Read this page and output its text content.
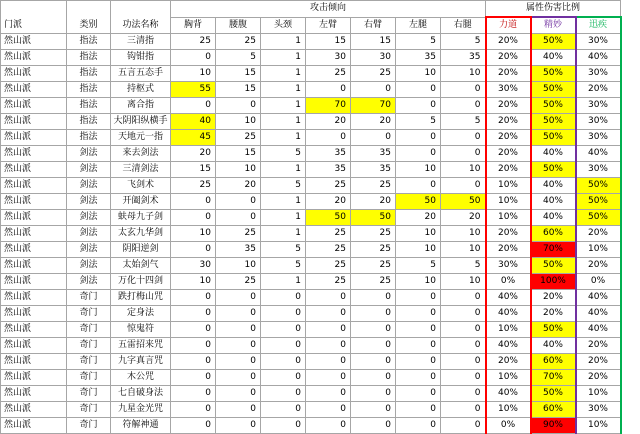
门派	类别	功法名称	攻击倾向							属性伤害比例		
			胸背	腰腹	头颈	左臂	右臂	左腿	右腿	力道	精妙	迅疾
然山派	指法	三清指	25	25	1	15	15	5	5	20%	50%	30%
然山派	指法	钩钳指	0	5	1	30	30	35	35	20%	40%	40%
然山派	指法	五言五态手	10	15	1	25	25	10	10	20%	50%	30%
然山派	指法	持枢式	55	15	1	0	0	0	0	30%	50%	20%
然山派	指法	离合指	0	0	1	70	70	0	0	20%	50%	30%
然山派	指法	大阴阳纵横手	40	10	1	20	20	5	5	20%	50%	30%
然山派	指法	天地元一指	45	25	1	0	0	0	0	20%	50%	30%
然山派	剑法	来去剑法	20	15	5	35	35	0	0	20%	40%	40%
然山派	剑法	三清剑法	15	10	1	35	35	10	10	20%	50%	30%
然山派	剑法	飞剑术	25	20	5	25	25	0	0	10%	40%	50%
然山派	剑法	开阖剑术	0	0	1	20	20	50	50	10%	40%	50%
然山派	剑法	蚨母九子剑	0	0	1	50	50	20	20	10%	40%	50%
然山派	剑法	太玄九华剑	10	25	1	25	25	10	10	20%	60%	20%
然山派	剑法	阴阳逆剑	0	35	5	25	25	10	10	20%	70%	10%
然山派	剑法	太始剑气	30	10	5	25	25	5	5	30%	50%	20%
然山派	剑法	万化十四剑	10	25	1	25	25	10	10	0%	100%	0%
然山派	奇门	跌打梅山咒	0	0	0	0	0	0	0	40%	20%	40%
然山派	奇门	定身法	0	0	0	0	0	0	0	40%	20%	40%
然山派	奇门	惊鬼符	0	0	0	0	0	0	0	10%	50%	40%
然山派	奇门	五雷招来咒	0	0	0	0	0	0	0	40%	40%	20%
然山派	奇门	九字真言咒	0	0	0	0	0	0	0	20%	60%	20%
然山派	奇门	木公咒	0	0	0	0	0	0	0	10%	70%	20%
然山派	奇门	七自破身法	0	0	0	0	0	0	0	40%	50%	10%
然山派	奇门	九星金光咒	0	0	0	0	0	0	0	10%	60%	30%
然山派	奇门	符解神通	0	0	0	0	0	0	0	0%	90%	10%
